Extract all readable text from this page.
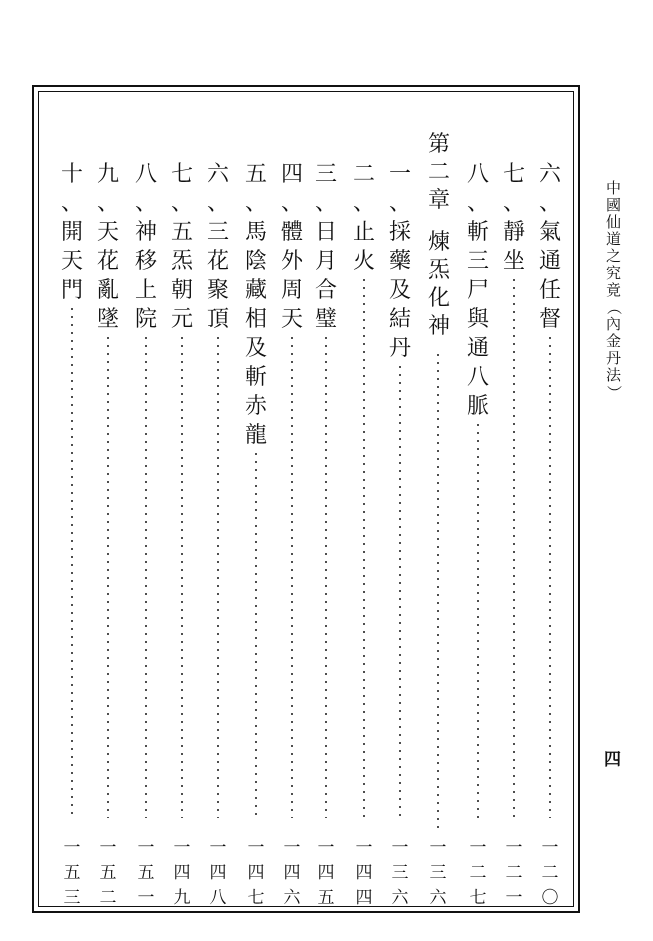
中
國
仙
道
之
究
竟
（
內
金
丹
法
）
四
第
二
章
煉
炁
化
神
六
、
氣
通
任
督
一
二
〇
七
、
靜
坐
一
二
一
八
、
斬
三
尸
與
通
八
脈
一
二
七
一
、
採
藥
及
結
丹
一
三
六
二
、
止
火
一
四
四
三
、
日
月
合
璧
一
四
五
四
、
體
外
周
天
一
四
六
五
、
馬
陰
藏
相
及
斬
赤
龍
一
四
七
六
、
三
花
聚
頂
一
四
八
七
、
五
炁
朝
元
一
四
九
八
、
神
移
上
院
一
五
一
九
、
天
花
亂
墜
一
五
二
十
、
開
天
門
一
五
三
一
三
六
